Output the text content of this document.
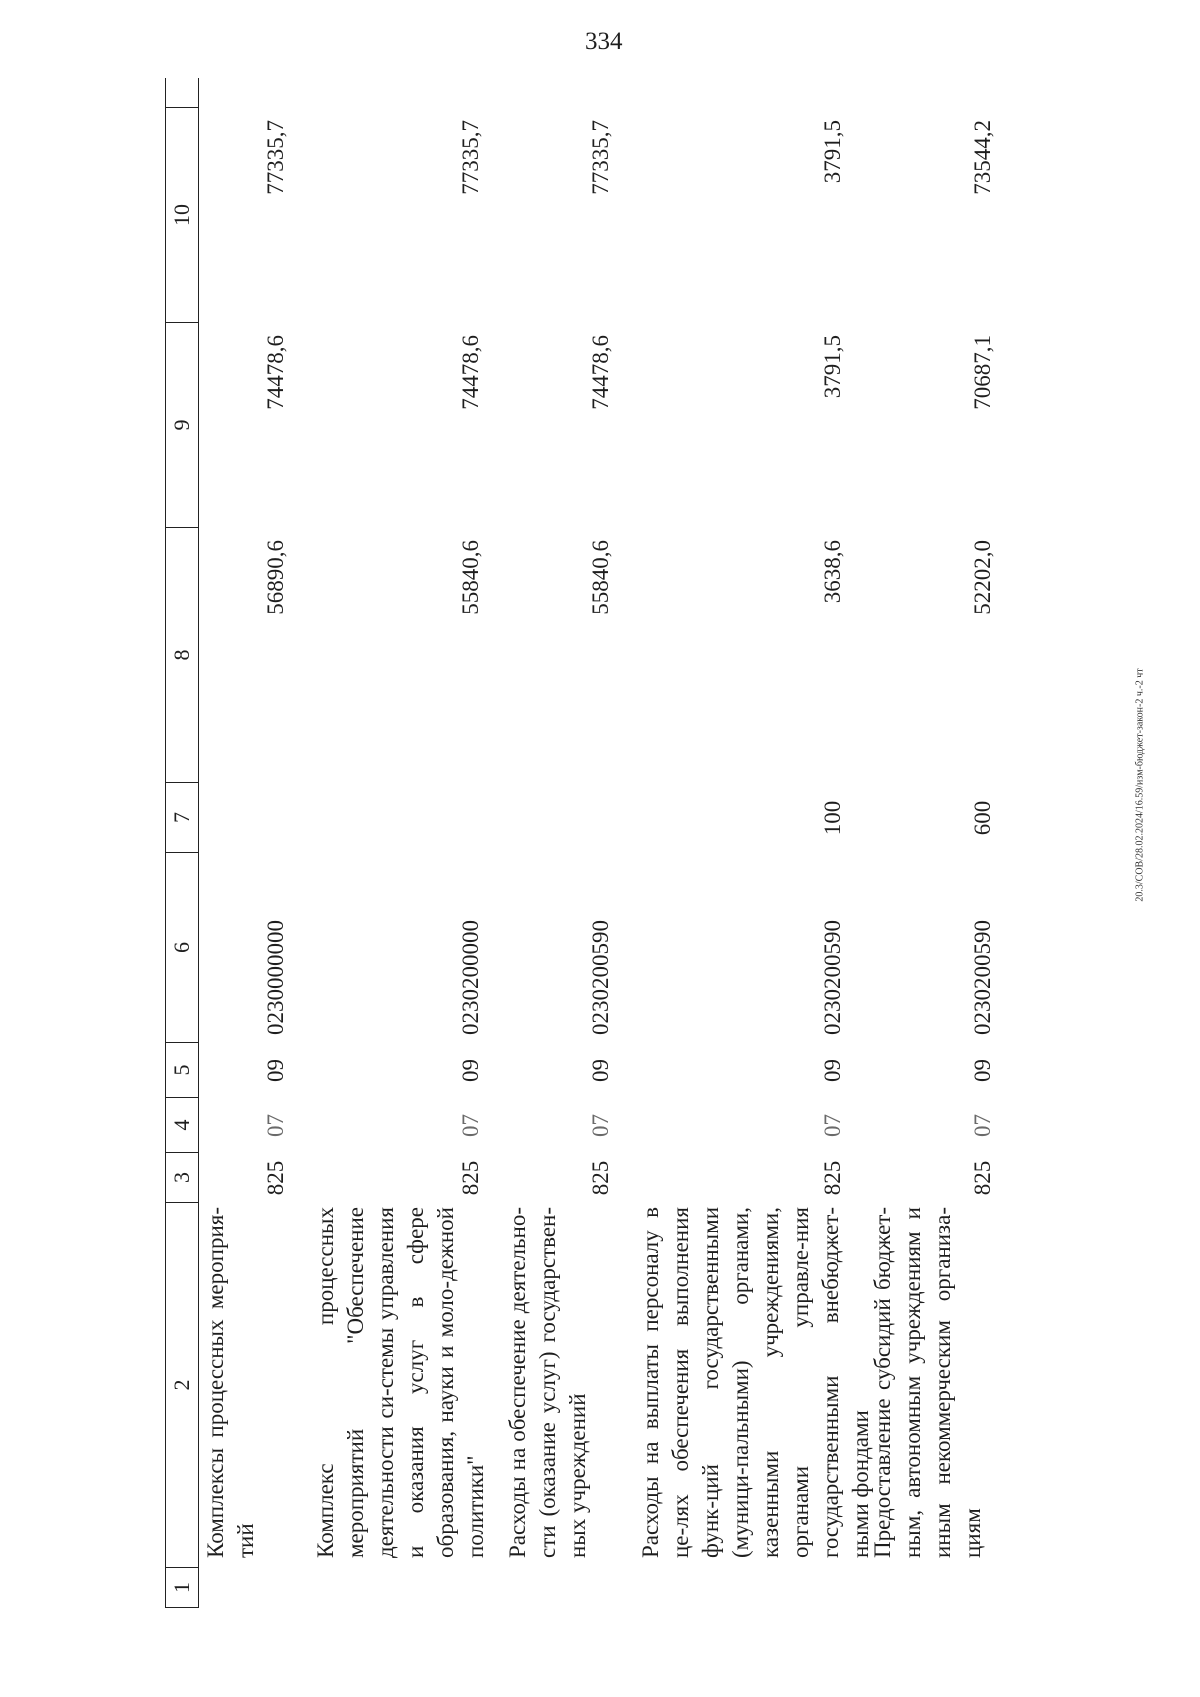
334
20.3/СОВ/28.02.2024/16.59/изм-бюджет-закон-2 ч.-2 чт
1
2
3
4
5
6
7
8
9
10
Комплексы процессных мероприя-тий
825
07
09
0230000000
56890,6
74478,6
77335,7
Комплекс процессных мероприятий "Обеспечение деятельности си-стемы управления и оказания услуг в сфере образования, науки и моло-дежной политики"
825
07
09
0230200000
55840,6
74478,6
77335,7
Расходы на обеспечение деятельно-сти (оказание услуг) государствен-ных учреждений
825
07
09
0230200590
55840,6
74478,6
77335,7
Расходы на выплаты персоналу в це-лях обеспечения выполнения функ-ций государственными (муници-пальными) органами, казенными учреждениями, органами управле-ния государственными внебюджет-ными фондами
825
07
09
0230200590
100
3638,6
3791,5
3791,5
Предоставление субсидий бюджет-ным, автономным учреждениям и иным некоммерческим организа-циям
825
07
09
0230200590
600
52202,0
70687,1
73544,2
